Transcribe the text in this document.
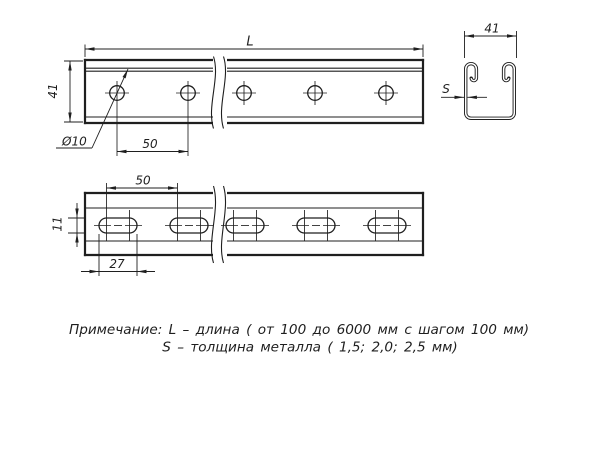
L
41
Ø10	50
41
S
50
11
27
Примечание: L – длина ( от 100 до 6000 мм с шагом 100 мм)
S – толщина металла ( 1,5; 2,0; 2,5 мм)
